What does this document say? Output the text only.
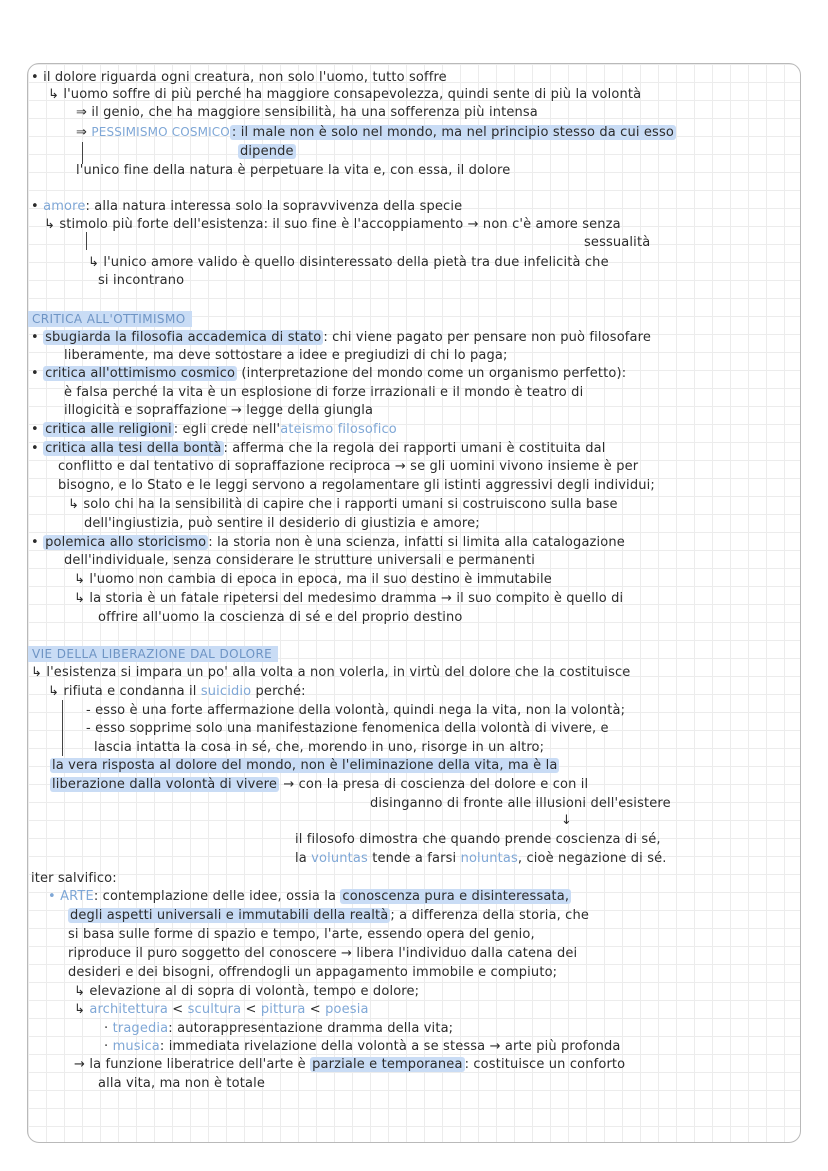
• il dolore riguarda ogni creatura, non solo l'uomo, tutto soffre
↳ l'uomo soffre di più perché ha maggiore consapevolezza, quindi sente di più la volontà
⇒ il genio, che ha maggiore sensibilità, ha una sofferenza più intensa
⇒ PESSIMISMO COSMICO : il male non è solo nel mondo, ma nel principio stesso da cui esso
dipende
l'unico fine della natura è perpetuare la vita e, con essa, il dolore
• amore: alla natura interessa solo la sopravvivenza della specie
↳ stimolo più forte dell'esistenza: il suo fine è l'accoppiamento → non c'è amore senza
sessualità
↳ l'unico amore valido è quello disinteressato della pietà tra due infelicità che
si incontrano
CRITICA ALL'OTTIMISMO
• sbugiarda la filosofia accademica di stato : chi viene pagato per pensare non può filosofare
liberamente, ma deve sottostare a idee e pregiudizi di chi lo paga;
• critica all'ottimismo cosmico (interpretazione del mondo come un organismo perfetto):
è falsa perché la vita è un esplosione di forze irrazionali e il mondo è teatro di
illogicità e sopraffazione → legge della giungla
• critica alle religioni : egli crede nell'ateismo filosofico
• critica alla tesi della bontà : afferma che la regola dei rapporti umani è costituita dal
conflitto e dal tentativo di sopraffazione reciproca → se gli uomini vivono insieme è per
bisogno, e lo Stato e le leggi servono a regolamentare gli istinti aggressivi degli individui;
↳ solo chi ha la sensibilità di capire che i rapporti umani si costruiscono sulla base
dell'ingiustizia, può sentire il desiderio di giustizia e amore;
• polemica allo storicismo : la storia non è una scienza, infatti si limita alla catalogazione
dell'individuale, senza considerare le strutture universali e permanenti
↳ l'uomo non cambia di epoca in epoca, ma il suo destino è immutabile
↳ la storia è un fatale ripetersi del medesimo dramma → il suo compito è quello di
offrire all'uomo la coscienza di sé e del proprio destino
VIE DELLA LIBERAZIONE DAL DOLORE
↳ l'esistenza si impara un po' alla volta a non volerla, in virtù del dolore che la costituisce
↳ rifiuta e condanna il suicidio perché:
- esso è una forte affermazione della volontà, quindi nega la vita, non la volontà;
- esso sopprime solo una manifestazione fenomenica della volontà di vivere, e
lascia intatta la cosa in sé, che, morendo in uno, risorge in un altro;
la vera risposta al dolore del mondo, non è l'eliminazione della vita, ma è la
liberazione dalla volontà di vivere → con la presa di coscienza del dolore e con il
disinganno di fronte alle illusioni dell'esistere
↓
il filosofo dimostra che quando prende coscienza di sé,
la voluntas tende a farsi noluntas, cioè negazione di sé.
iter salvifico:
• ARTE: contemplazione delle idee, ossia la conoscenza pura e disinteressata,
degli aspetti universali e immutabili della realtà ; a differenza della storia, che
si basa sulle forme di spazio e tempo, l'arte, essendo opera del genio,
riproduce il puro soggetto del conoscere → libera l'individuo dalla catena dei
desideri e dei bisogni, offrendogli un appagamento immobile e compiuto;
↳ elevazione al di sopra di volontà, tempo e dolore;
↳ architettura < scultura < pittura < poesia
· tragedia: autorappresentazione dramma della vita;
· musica: immediata rivelazione della volontà a se stessa → arte più profonda
→ la funzione liberatrice dell'arte è parziale e temporanea : costituisce un conforto
alla vita, ma non è totale
